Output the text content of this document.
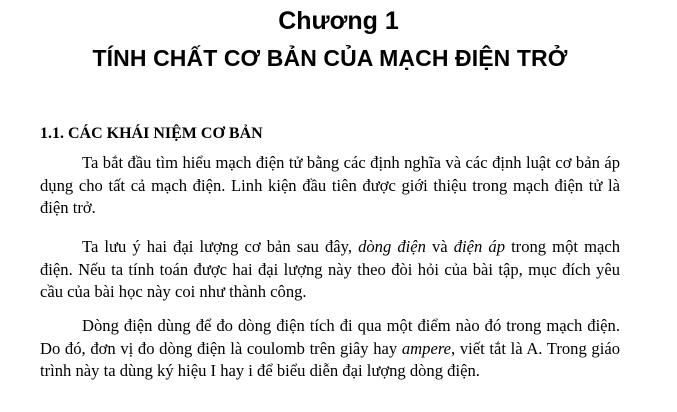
Chương 1
TÍNH CHẤT CƠ BẢN CỦA MẠCH ĐIỆN TRỞ
1.1. CÁC KHÁI NIỆM CƠ BẢN

Ta bắt đầu tìm hiểu mạch điện tử bằng các định nghĩa và các định luật cơ bản áp dụng cho tất cả mạch điện. Linh kiện đầu tiên được giới thiệu trong mạch điện tử là điện trở.

Ta lưu ý hai đại lượng cơ bản sau đây, dòng điện và điện áp trong một mạch điện. Nếu ta tính toán được hai đại lượng này theo đòi hỏi của bài tập, mục đích yêu cầu của bài học này coi như thành công.

Dòng điện dùng để đo dòng điện tích đi qua một điểm nào đó trong mạch điện. Do đó, đơn vị đo dòng điện là coulomb trên giây hay ampere, viết tắt là A. Trong giáo trình này ta dùng ký hiệu I hay i để biểu diễn đại lượng dòng điện.
